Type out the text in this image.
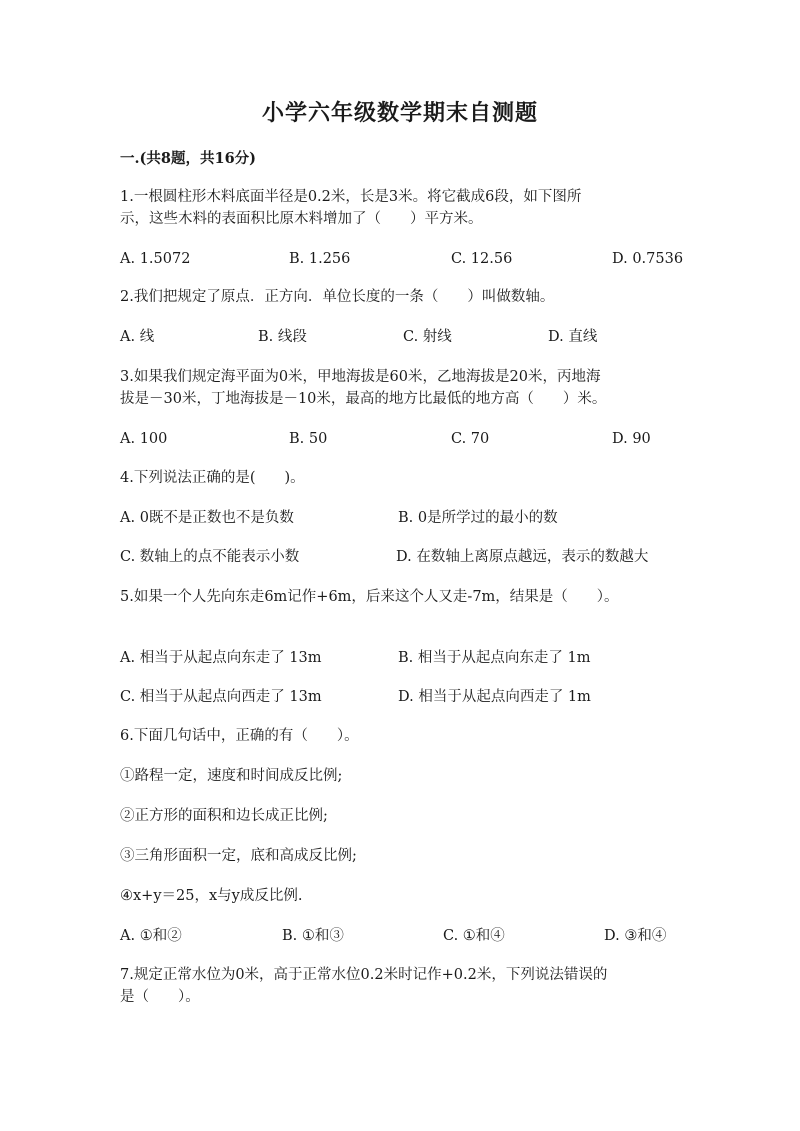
小学六年级数学期末自测题
一.(共8题，共16分)
1.一根圆柱形木料底面半径是0.2米，长是3米。将它截成6段，如下图所
示，这些木料的表面积比原木料增加了（　　）平方米。
A. 1.5072	B. 1.256	C. 12.56	D. 0.7536
2.我们把规定了原点．正方向．单位长度的一条（　　）叫做数轴。
A. 线	B. 线段	C. 射线	D. 直线
3.如果我们规定海平面为0米，甲地海拔是60米，乙地海拔是20米，丙地海
拔是－30米，丁地海拔是－10米，最高的地方比最低的地方高（　　）米。
A. 100	B. 50	C. 70	D. 90
4.下列说法正确的是(　　)。
A. 0既不是正数也不是负数	B. 0是所学过的最小的数
C. 数轴上的点不能表示小数	D. 在数轴上离原点越远，表示的数越大
5.如果一个人先向东走6m记作+6m，后来这个人又走-7m，结果是（　　）。
A. 相当于从起点向东走了 13m	B. 相当于从起点向东走了 1m
C. 相当于从起点向西走了 13m	D. 相当于从起点向西走了 1m
6.下面几句话中，正确的有（　　）。
①路程一定，速度和时间成反比例;
②正方形的面积和边长成正比例;
③三角形面积一定，底和高成反比例;
④x+y＝25，x与y成反比例.
A. ①和②	B. ①和③	C. ①和④	D. ③和④
7.规定正常水位为0米，高于正常水位0.2米时记作+0.2米，下列说法错误的
是（　　）。
